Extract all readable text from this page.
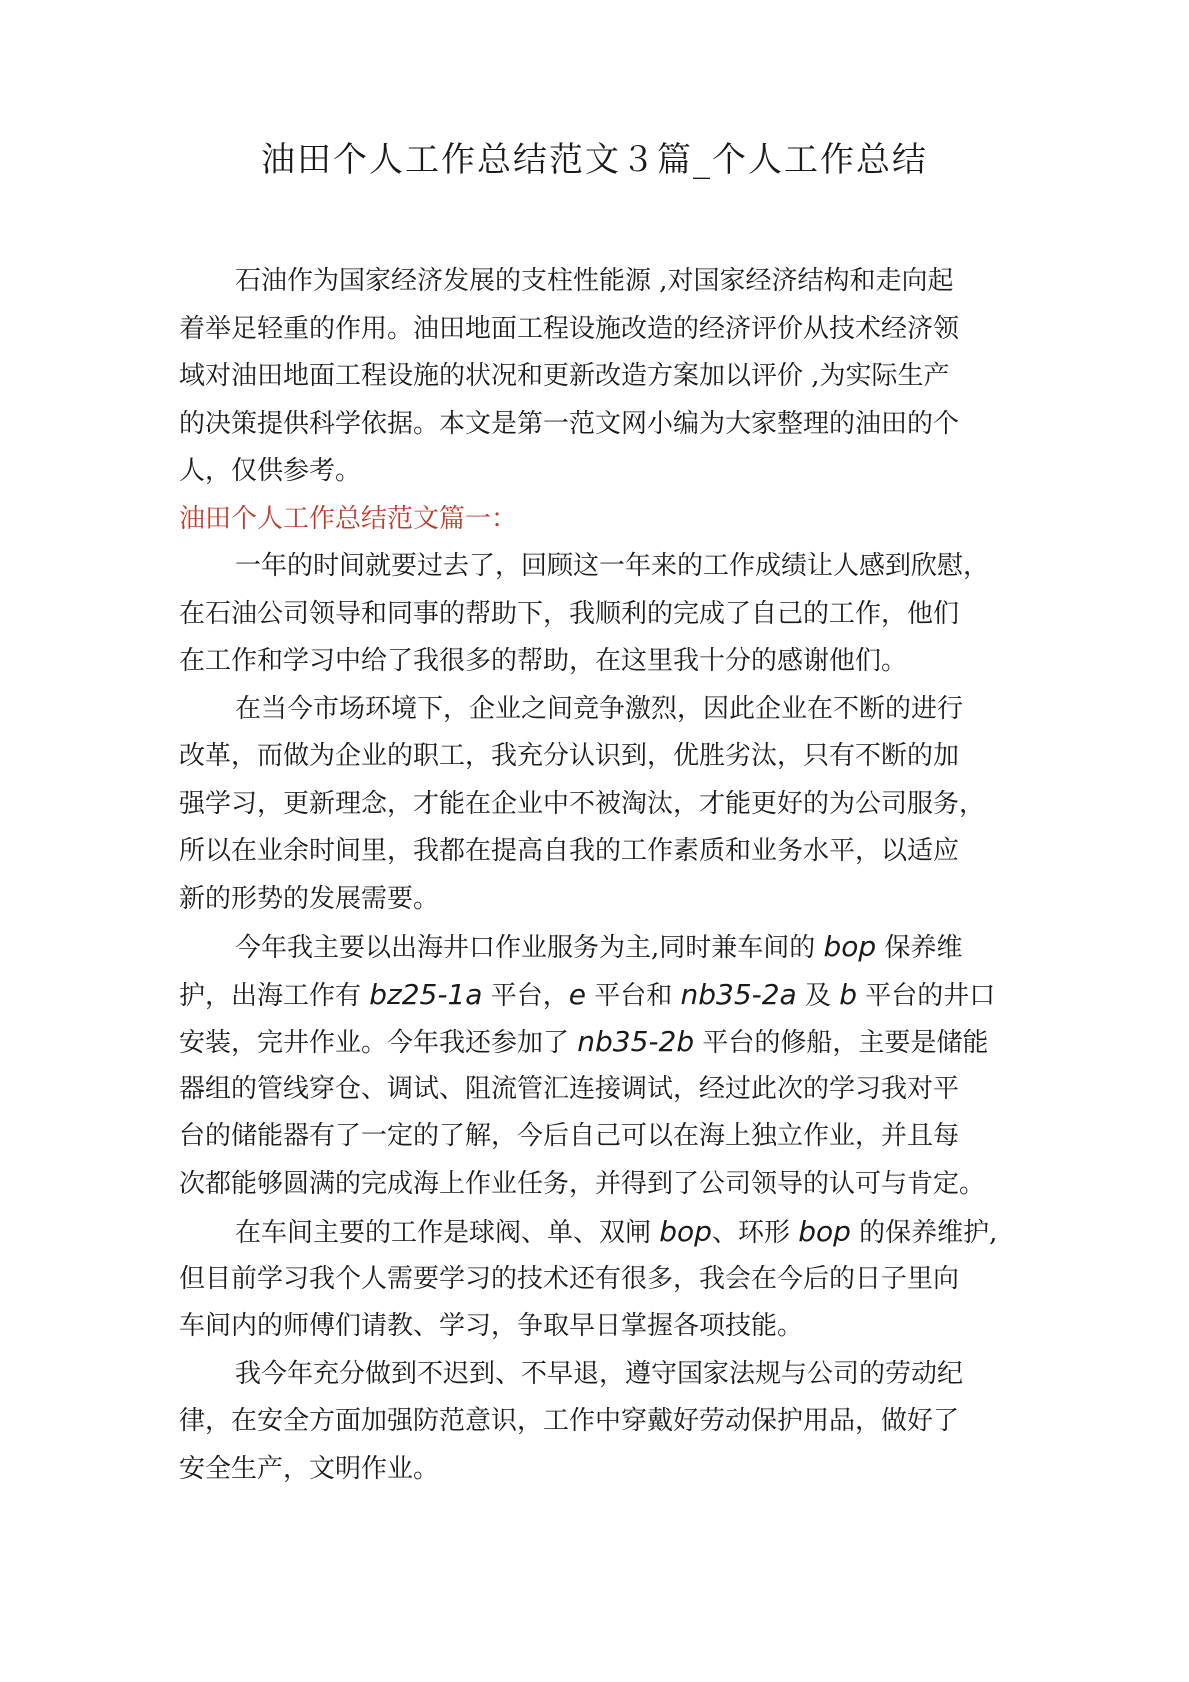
油田个人工作总结范文３篇_个人工作总结
石油作为国家经济发展的支柱性能源 ,对国家经济结构和走向起
着举足轻重的作用。油田地面工程设施改造的经济评价从技术经济领
域对油田地面工程设施的状况和更新改造方案加以评价 ,为实际生产
的决策提供科学依据。本文是第一范文网小编为大家整理的油田的个
人，仅供参考。
油田个人工作总结范文篇一：
一年的时间就要过去了，回顾这一年来的工作成绩让人感到欣慰，
在石油公司领导和同事的帮助下，我顺利的完成了自己的工作，他们
在工作和学习中给了我很多的帮助，在这里我十分的感谢他们。
在当今市场环境下，企业之间竞争激烈，因此企业在不断的进行
改革，而做为企业的职工，我充分认识到，优胜劣汰，只有不断的加
强学习，更新理念，才能在企业中不被淘汰，才能更好的为公司服务，
所以在业余时间里，我都在提高自我的工作素质和业务水平，以适应
新的形势的发展需要。
今年我主要以出海井口作业服务为主,同时兼车间的 bop 保养维
护，出海工作有 bz25-1a 平台，e 平台和 nb35-2a 及 b 平台的井口
安装，完井作业。今年我还参加了 nb35-2b 平台的修船，主要是储能
器组的管线穿仓、调试、阻流管汇连接调试，经过此次的学习我对平
台的储能器有了一定的了解，今后自己可以在海上独立作业，并且每
次都能够圆满的完成海上作业任务，并得到了公司领导的认可与肯定。
在车间主要的工作是球阀、单、双闸 bop、环形 bop 的保养维护,
但目前学习我个人需要学习的技术还有很多，我会在今后的日子里向
车间内的师傅们请教、学习，争取早日掌握各项技能。
我今年充分做到不迟到、不早退，遵守国家法规与公司的劳动纪
律，在安全方面加强防范意识，工作中穿戴好劳动保护用品，做好了
安全生产，文明作业。
